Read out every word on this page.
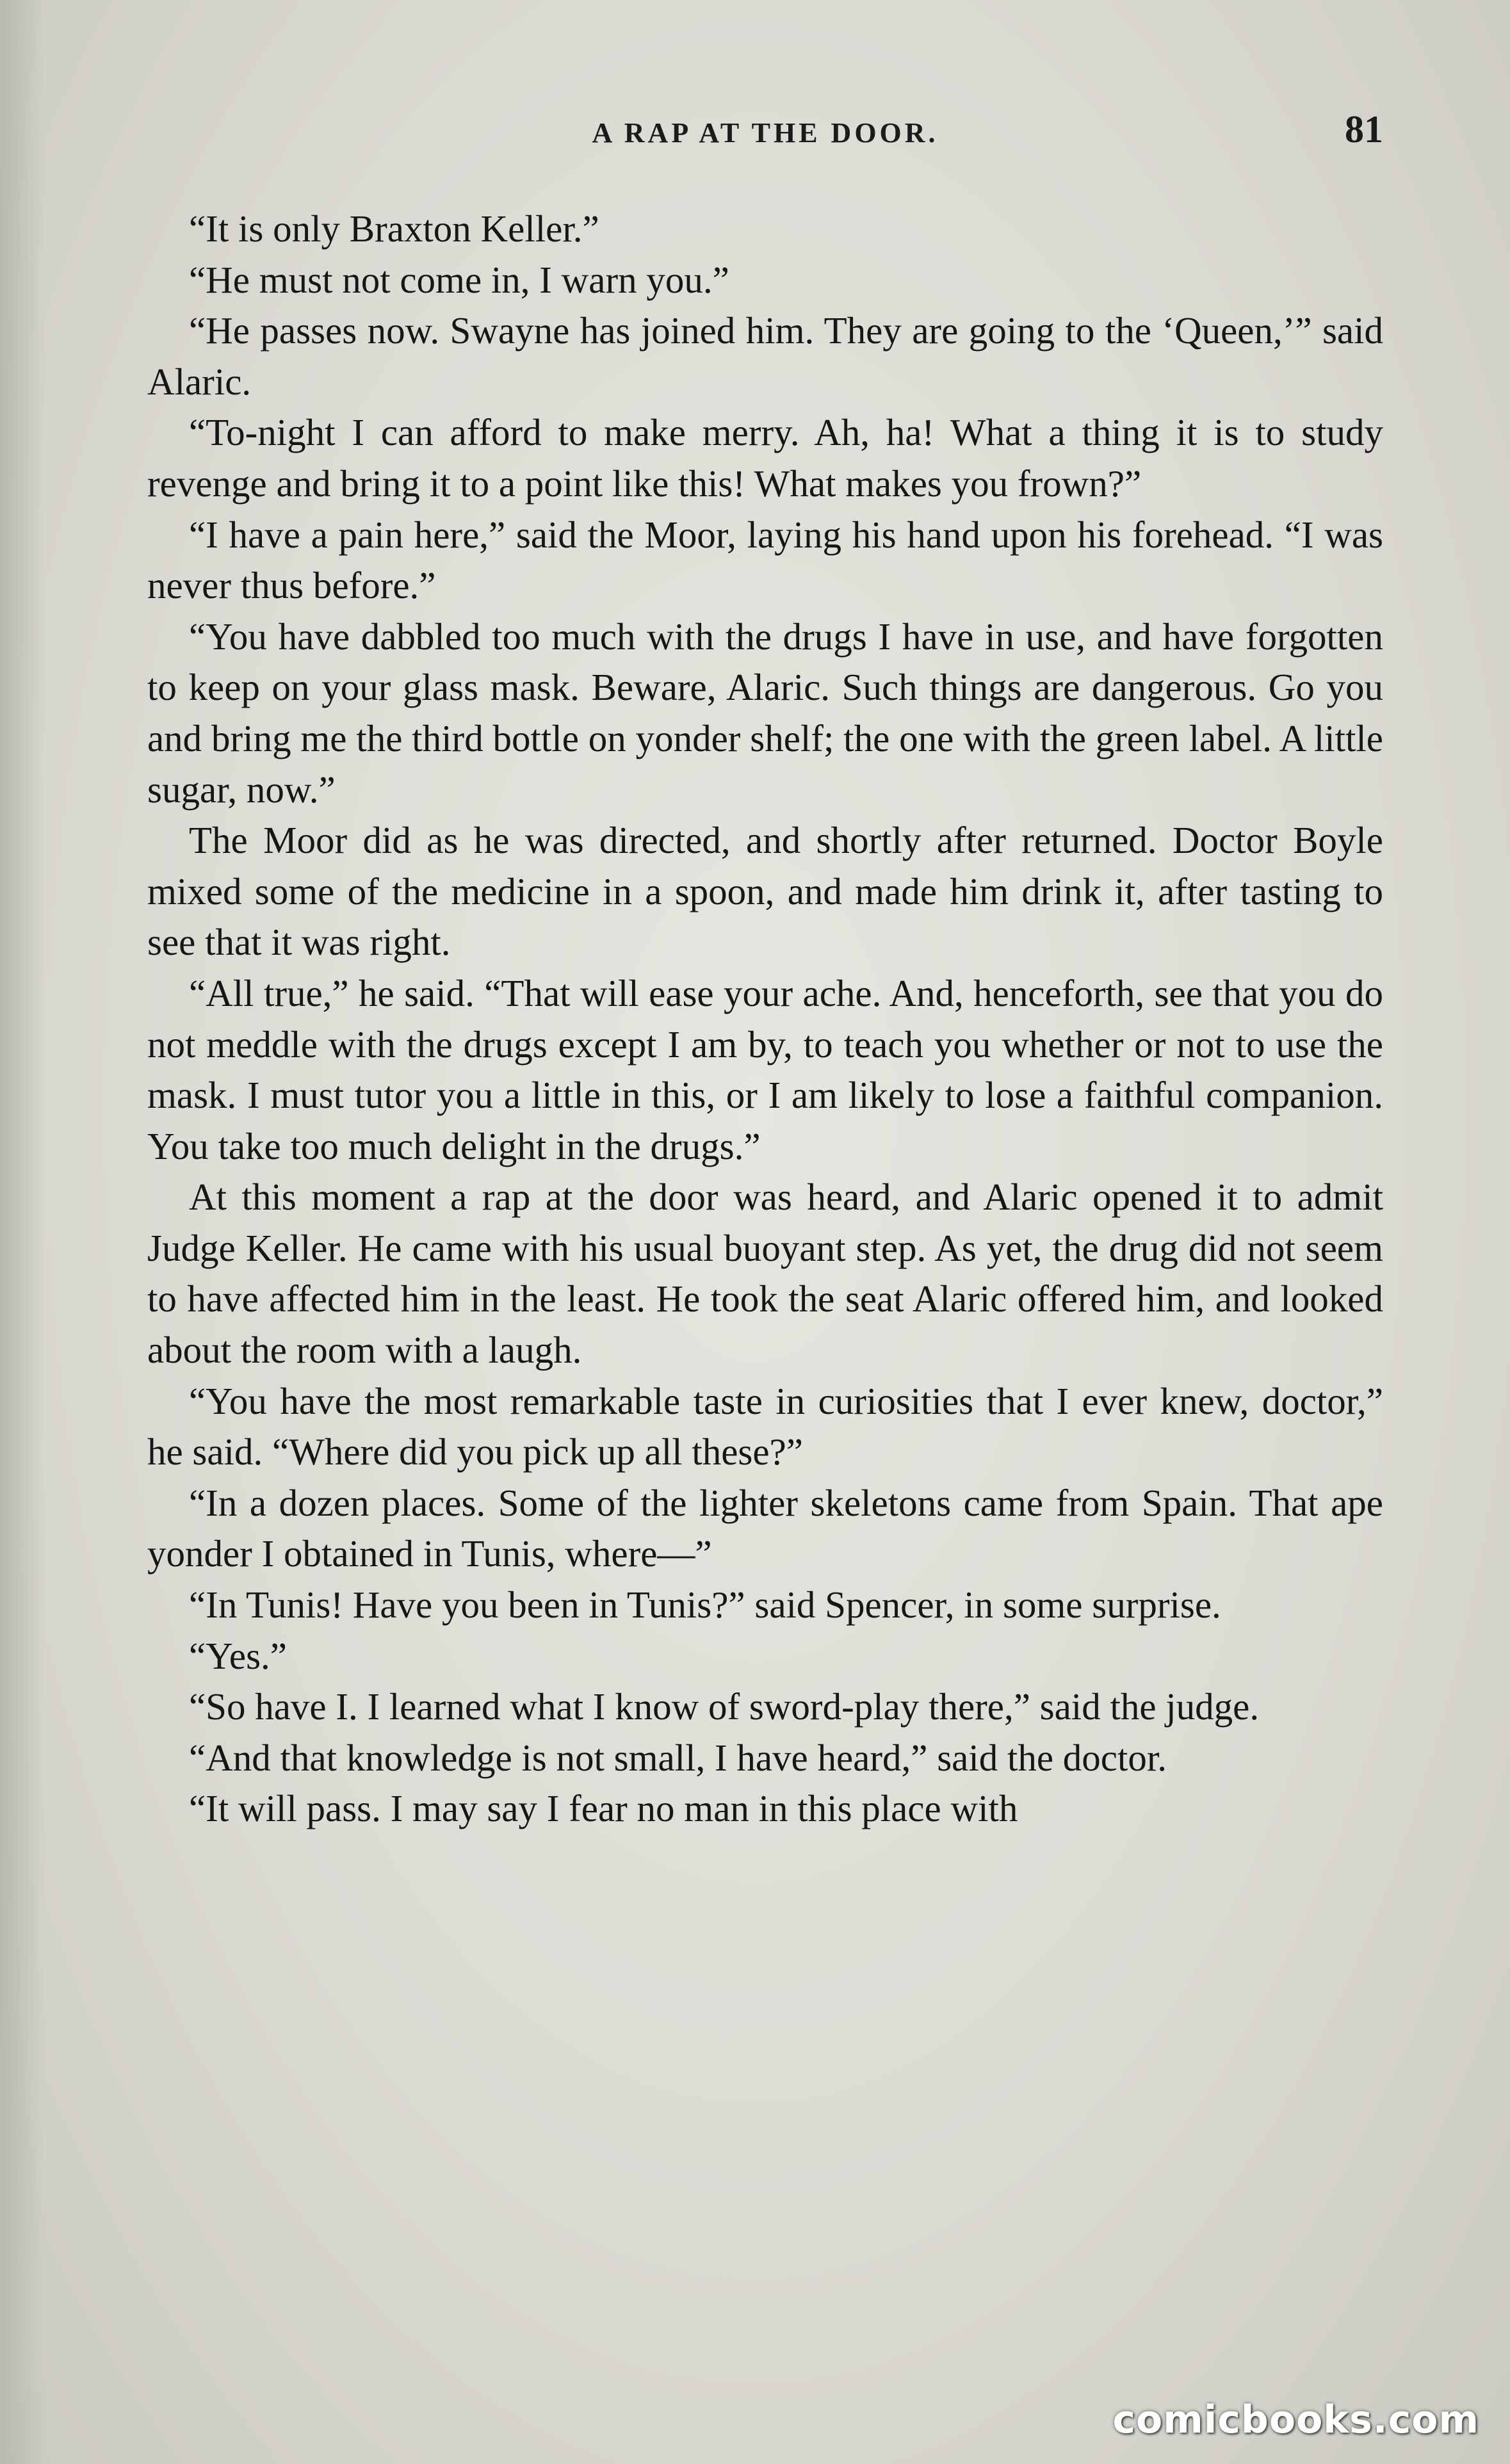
A RAP AT THE DOOR.	81

“It is only Braxton Keller.”

“He must not come in, I warn you.”

“He passes now. Swayne has joined him. They are going to the ‘Queen,’” said Alaric.

“To-night I can afford to make merry. Ah, ha! What a thing it is to study revenge and bring it to a point like this! What makes you frown?”

“I have a pain here,” said the Moor, laying his hand upon his forehead. “I was never thus before.”

“You have dabbled too much with the drugs I have in use, and have forgotten to keep on your glass mask. Beware, Alaric. Such things are dangerous. Go you and bring me the third bottle on yonder shelf; the one with the green label. A little sugar, now.”

The Moor did as he was directed, and shortly after returned. Doctor Boyle mixed some of the medicine in a spoon, and made him drink it, after tasting to see that it was right.

“All true,” he said. “That will ease your ache. And, henceforth, see that you do not meddle with the drugs except I am by, to teach you whether or not to use the mask. I must tutor you a little in this, or I am likely to lose a faithful companion. You take too much delight in the drugs.”

At this moment a rap at the door was heard, and Alaric opened it to admit Judge Keller. He came with his usual buoyant step. As yet, the drug did not seem to have affected him in the least. He took the seat Alaric offered him, and looked about the room with a laugh.

“You have the most remarkable taste in curiosities that I ever knew, doctor,” he said. “Where did you pick up all these?”

“In a dozen places. Some of the lighter skeletons came from Spain. That ape yonder I obtained in Tunis, where—”

“In Tunis! Have you been in Tunis?” said Spencer, in some surprise.

“Yes.”

“So have I. I learned what I know of sword-play there,” said the judge.

“And that knowledge is not small, I have heard,” said the doctor.

“It will pass. I may say I fear no man in this place with

comicbooks.com
